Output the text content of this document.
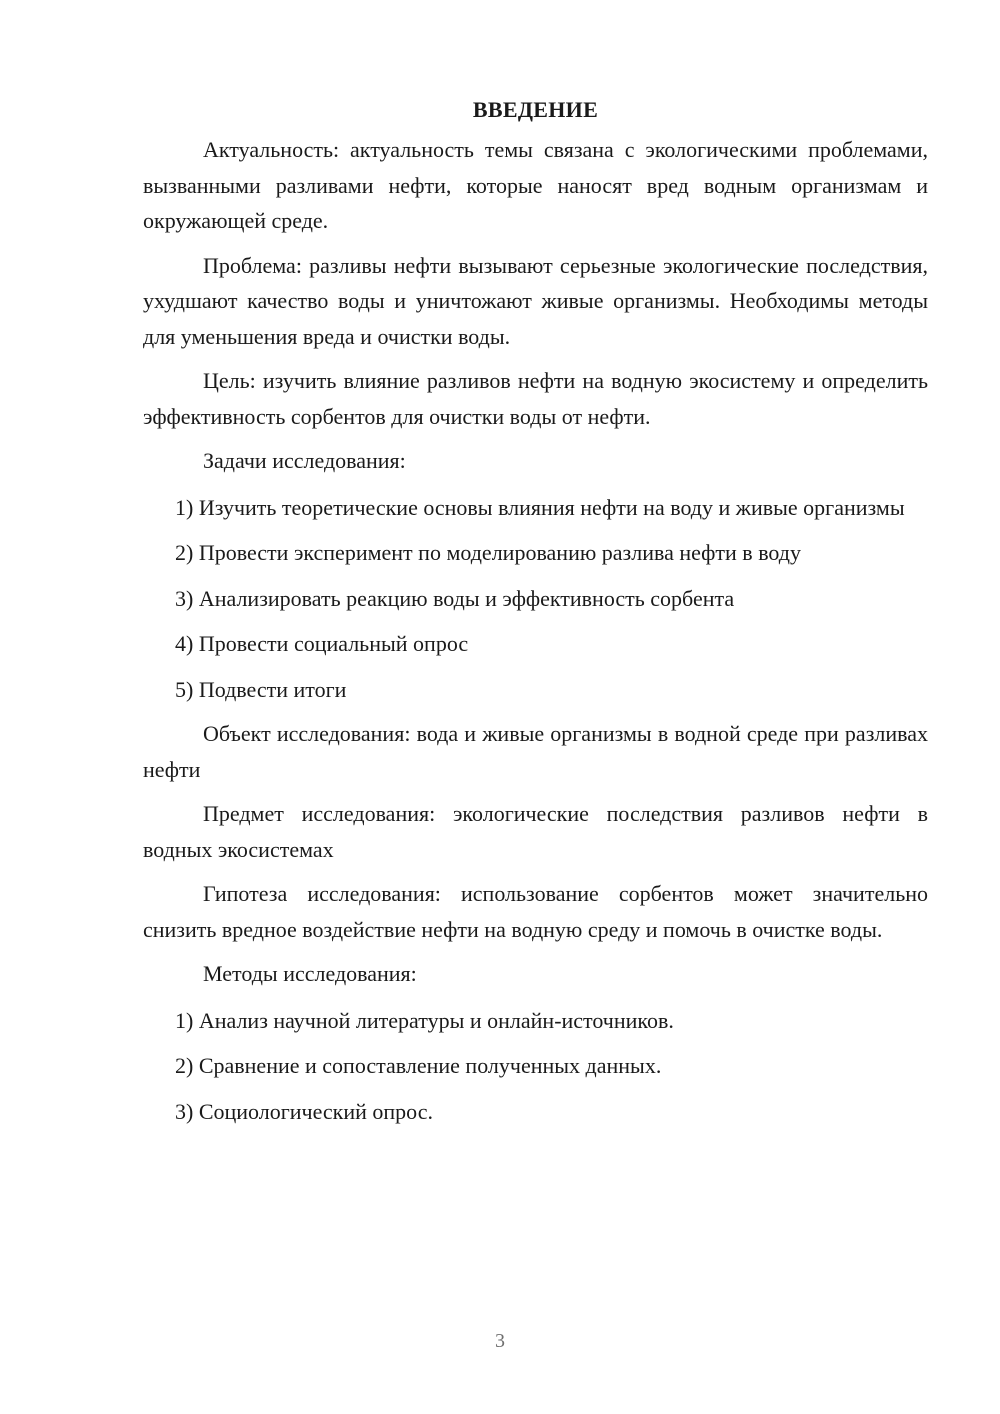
ВВЕДЕНИЕ

Актуальность: актуальность темы связана с экологическими проблемами, вызванными разливами нефти, которые наносят вред водным организмам и окружающей среде.

Проблема: разливы нефти вызывают серьезные экологические последствия, ухудшают качество воды и уничтожают живые организмы. Необходимы методы для уменьшения вреда и очистки воды.

Цель: изучить влияние разливов нефти на водную экосистему и определить эффективность сорбентов для очистки воды от нефти.

Задачи исследования:

1) Изучить теоретические основы влияния нефти на воду и живые организмы

2) Провести эксперимент по моделированию разлива нефти в воду

3) Анализировать реакцию воды и эффективность сорбента

4) Провести социальный опрос

5) Подвести итоги

Объект исследования: вода и живые организмы в водной среде при разливах нефти

Предмет исследования: экологические последствия разливов нефти в водных экосистемах

Гипотеза исследования: использование сорбентов может значительно снизить вредное воздействие нефти на водную среду и помочь в очистке воды.

Методы исследования:

1) Анализ научной литературы и онлайн-источников.

2) Сравнение и сопоставление полученных данных.

3) Социологический опрос.

3
